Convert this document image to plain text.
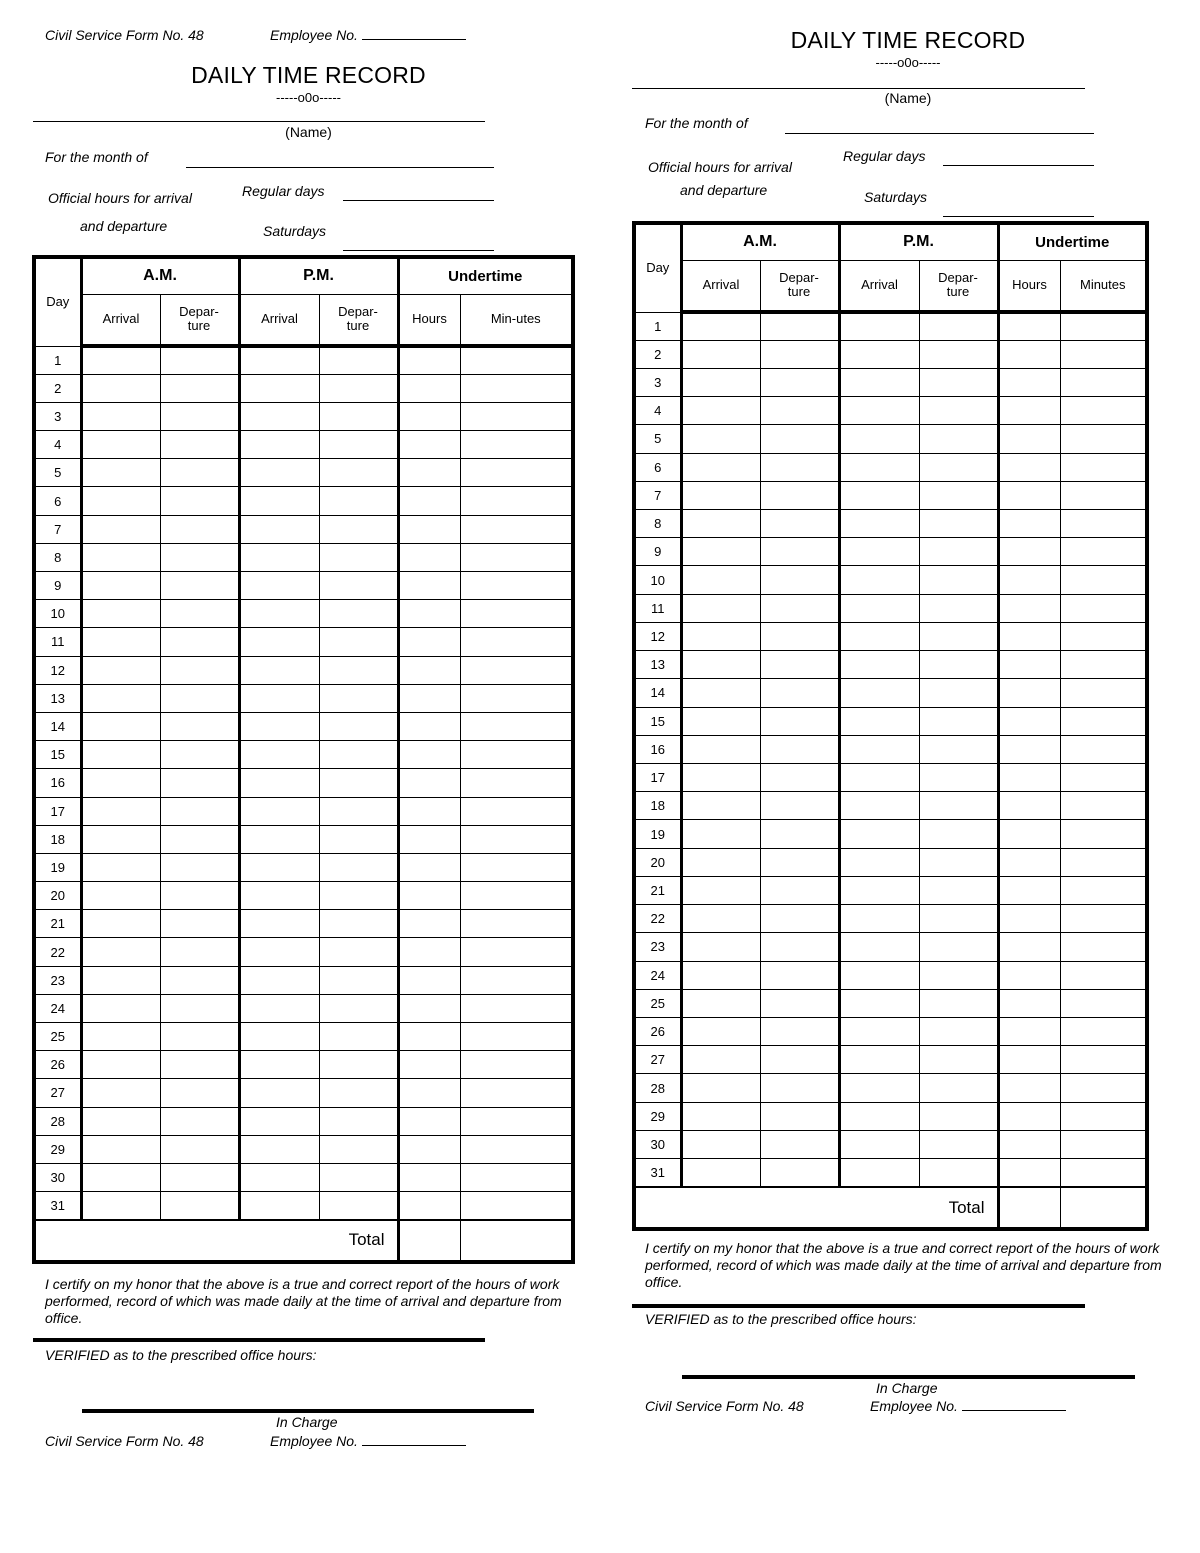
Civil Service Form No. 48	Employee No.
DAILY TIME RECORD
-----o0o-----
(Name)
For the month of
Official hours for arrival
and departure
Regular days
Saturdays
Day	A.M.		P.M.		Undertime	
	Arrival	Depar-ture	Arrival	Depar-ture	Hours	Min-utes
1						
2						
3						
4						
5						
6						
7						
8						
9						
10						
11						
12						
13						
14						
15						
16						
17						
18						
19						
20						
21						
22						
23						
24						
25						
26						
27						
28						
29						
30						
31						
Total						
I certify on my honor that the above is a true and correct report of the hours of work performed, record of which was made daily at the time of arrival and departure from office.
VERIFIED as to the prescribed office hours:
In Charge
Civil Service Form No. 48	Employee No.
DAILY TIME RECORD
-----o0o-----
(Name)
For the month of
Official hours for arrival
and departure
Regular days
Saturdays
Day	A.M.		P.M.		Undertime	
	Arrival	Depar-ture	Arrival	Depar-ture	Hours	Minutes
1						
2						
3						
4						
5						
6						
7						
8						
9						
10						
11						
12						
13						
14						
15						
16						
17						
18						
19						
20						
21						
22						
23						
24						
25						
26						
27						
28						
29						
30						
31						
Total						
I certify on my honor that the above is a true and correct report of the hours of work performed, record of which was made daily at the time of arrival and departure from office.
VERIFIED as to the prescribed office hours:
In Charge
Civil Service Form No. 48	Employee No.
